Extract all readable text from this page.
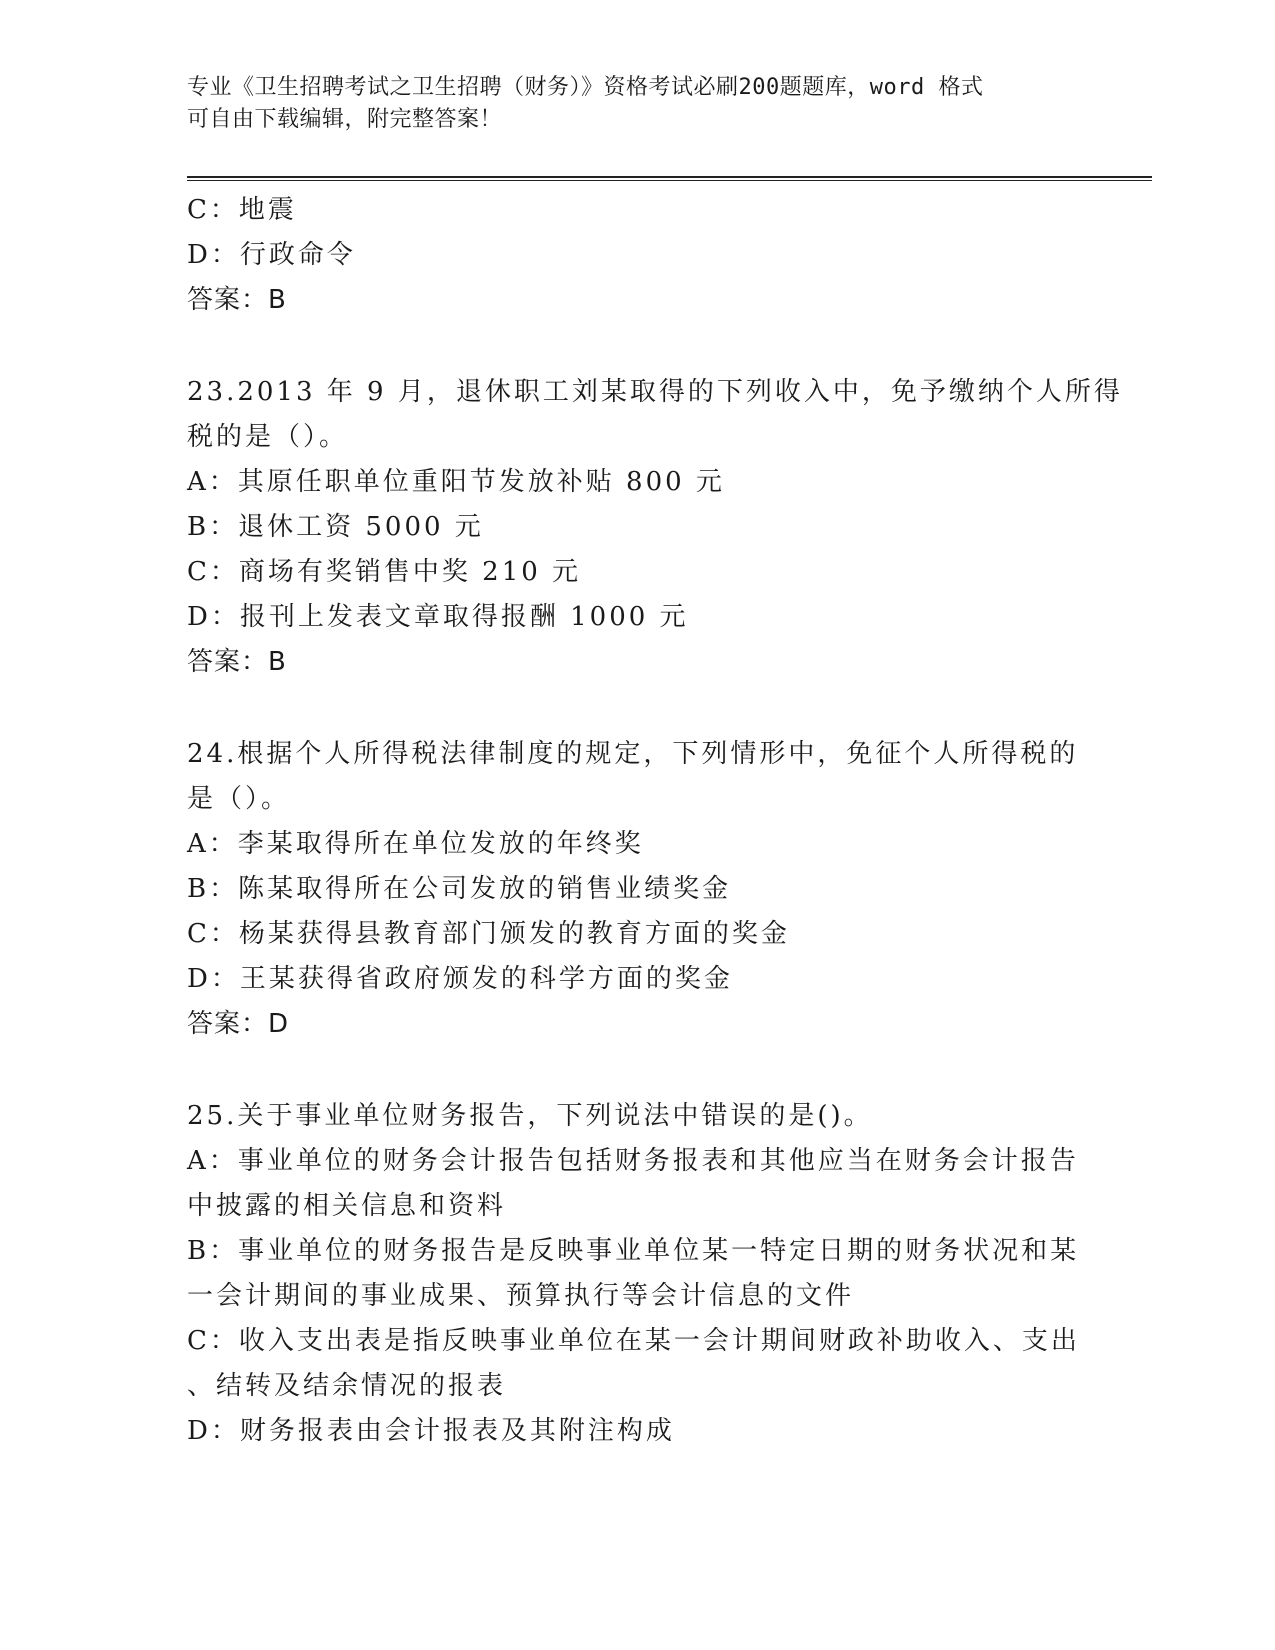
专业《卫生招聘考试之卫生招聘（财务）》资格考试必刷200题题库，word 格式
可自由下载编辑，附完整答案！
C：地震
D：行政命令
答案：B
23.2013 年 9 月，退休职工刘某取得的下列收入中，免予缴纳个人所得
税的是（）。
A：其原任职单位重阳节发放补贴 800 元
B：退休工资 5000 元
C：商场有奖销售中奖 210 元
D：报刊上发表文章取得报酬 1000 元
答案：B
24.根据个人所得税法律制度的规定，下列情形中，免征个人所得税的
是（）。
A：李某取得所在单位发放的年终奖
B：陈某取得所在公司发放的销售业绩奖金
C：杨某获得县教育部门颁发的教育方面的奖金
D：王某获得省政府颁发的科学方面的奖金
答案：D
25.关于事业单位财务报告，下列说法中错误的是()。
A：事业单位的财务会计报告包括财务报表和其他应当在财务会计报告
中披露的相关信息和资料
B：事业单位的财务报告是反映事业单位某一特定日期的财务状况和某
一会计期间的事业成果、预算执行等会计信息的文件
C：收入支出表是指反映事业单位在某一会计期间财政补助收入、支出
、结转及结余情况的报表
D：财务报表由会计报表及其附注构成
